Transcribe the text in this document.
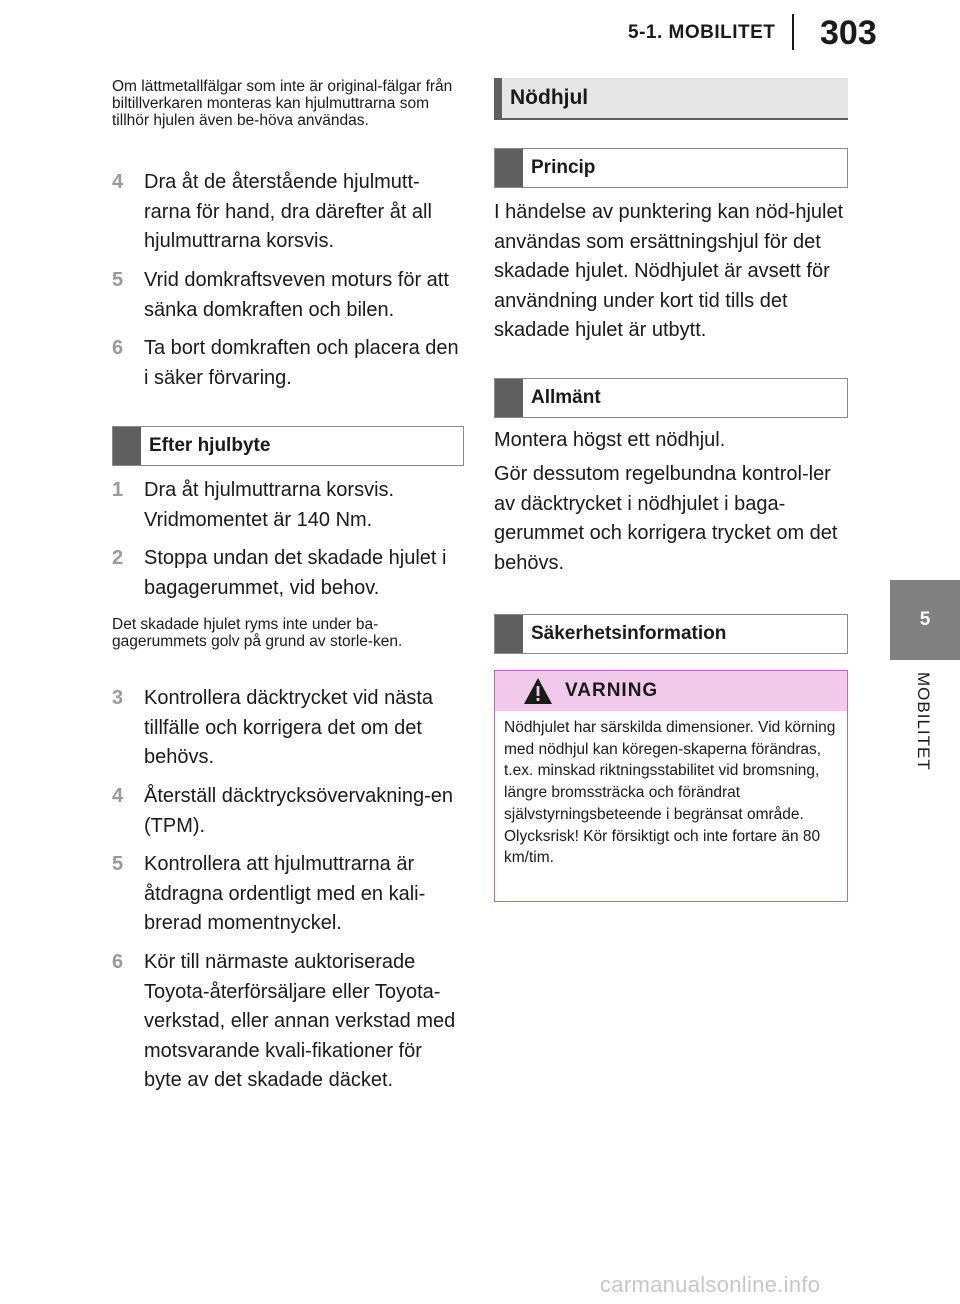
5-1. MOBILITET 303
5
MOBILITET
Om lättmetallfälgar som inte är original-fälgar från biltillverkaren monteras kan hjulmuttrarna som tillhör hjulen även be-höva användas.
4 Dra åt de återstående hjulmutt-rarna för hand, dra därefter åt all hjulmuttrarna korsvis.
5 Vrid domkraftsveven moturs för att sänka domkraften och bilen.
6 Ta bort domkraften och placera den i säker förvaring.
Efter hjulbyte
1 Dra åt hjulmuttrarna korsvis. Vridmomentet är 140 Nm.
2 Stoppa undan det skadade hjulet i bagagerummet, vid behov.
Det skadade hjulet ryms inte under ba-gagerummets golv på grund av storle-ken.
3 Kontrollera däcktrycket vid nästa tillfälle och korrigera det om det behövs.
4 Återställ däcktrycksövervakning-en (TPM).
5 Kontrollera att hjulmuttrarna är åtdragna ordentligt med en kali-brerad momentnyckel.
6 Kör till närmaste auktoriserade Toyota-återförsäljare eller Toyota-verkstad, eller annan verkstad med motsvarande kvali-fikationer för byte av det skadade däcket.
Nödhjul
Princip
I händelse av punktering kan nöd-hjulet användas som ersättningshjul för det skadade hjulet. Nödhjulet är avsett för användning under kort tid tills det skadade hjulet är utbytt.
Allmänt
Montera högst ett nödhjul.
Gör dessutom regelbundna kontrol-ler av däcktrycket i nödhjulet i baga-gerummet och korrigera trycket om det behövs.
Säkerhetsinformation
VARNING
Nödhjulet har särskilda dimensioner. Vid körning med nödhjul kan köregen-skaperna förändras, t.ex. minskad riktningsstabilitet vid bromsning, längre bromssträcka och förändrat självstyrningsbeteende i begränsat område. Olycksrisk! Kör försiktigt och inte fortare än 80 km/tim.
carmanualsonline.info
